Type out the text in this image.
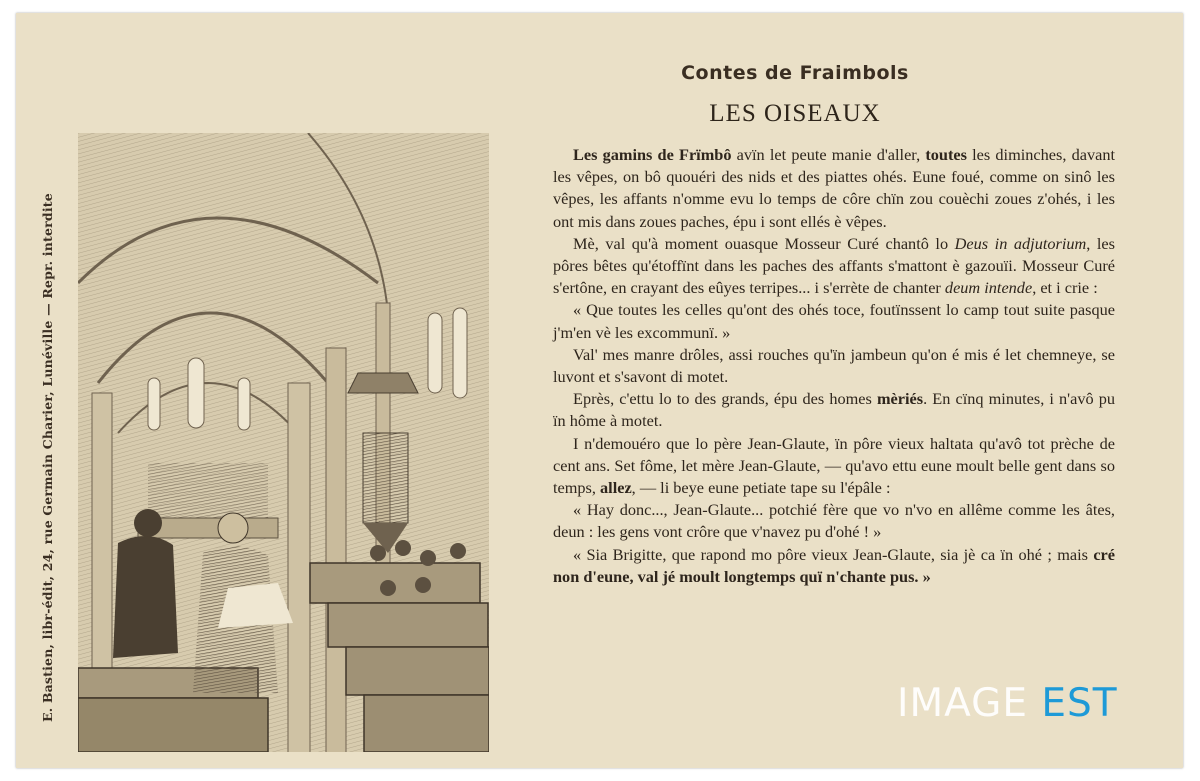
E. Bastien, libr-édit, 24, rue Germain Charier, Lunéville — Repr. interdite
Contes de Fraimbols
LES OISEAUX

Les gamins de Frïmbô avïn let peute manie d'aller, toutes les diminches, davant les vêpes, on bô quouéri des nids et des piattes ohés. Eune foué, comme on sinô les vêpes, les affants n'omme evu lo temps de côre chïn zou couèchi zoues z'ohés, i les ont mis dans zoues paches, épu i sont ellés è vêpes.

Mè, val qu'à moment ouasque Mosseur Curé chantô lo Deus in adjutorium, les pôres bêtes qu'étoffïnt dans les paches des affants s'mattont è gazouïi. Mosseur Curé s'ertône, en crayant des eûyes terripes... i s'errète de chanter deum intende, et i crie :

« Que toutes les celles qu'ont des ohés toce, foutïnssent lo camp tout suite pasque j'm'en vè les excommunï. »

Val' mes manre drôles, assi rouches qu'ïn jambeun qu'on é mis é let chemneye, se luvont et s'savont di motet.

Eprès, c'ettu lo to des grands, épu des homes mèriés. En cïnq minutes, i n'avô pu ïn hôme à motet.

I n'demouéro que lo père Jean-Glaute, ïn pôre vieux haltata qu'avô tot prèche de cent ans. Set fôme, let mère Jean-Glaute, — qu'avo ettu eune moult belle gent dans so temps, allez, — li beye eune petiate tape su l'épâle :

« Hay donc..., Jean-Glaute... potchié fère que vo n'vo en allême comme les âtes, deun : les gens vont crôre que v'navez pu d'ohé ! »

« Sia Brigitte, que rapond mo pôre vieux Jean-Glaute, sia jè ca ïn ohé ; mais cré non d'eune, val jé moult longtemps quï n'chante pus. »

IMAGE EST
